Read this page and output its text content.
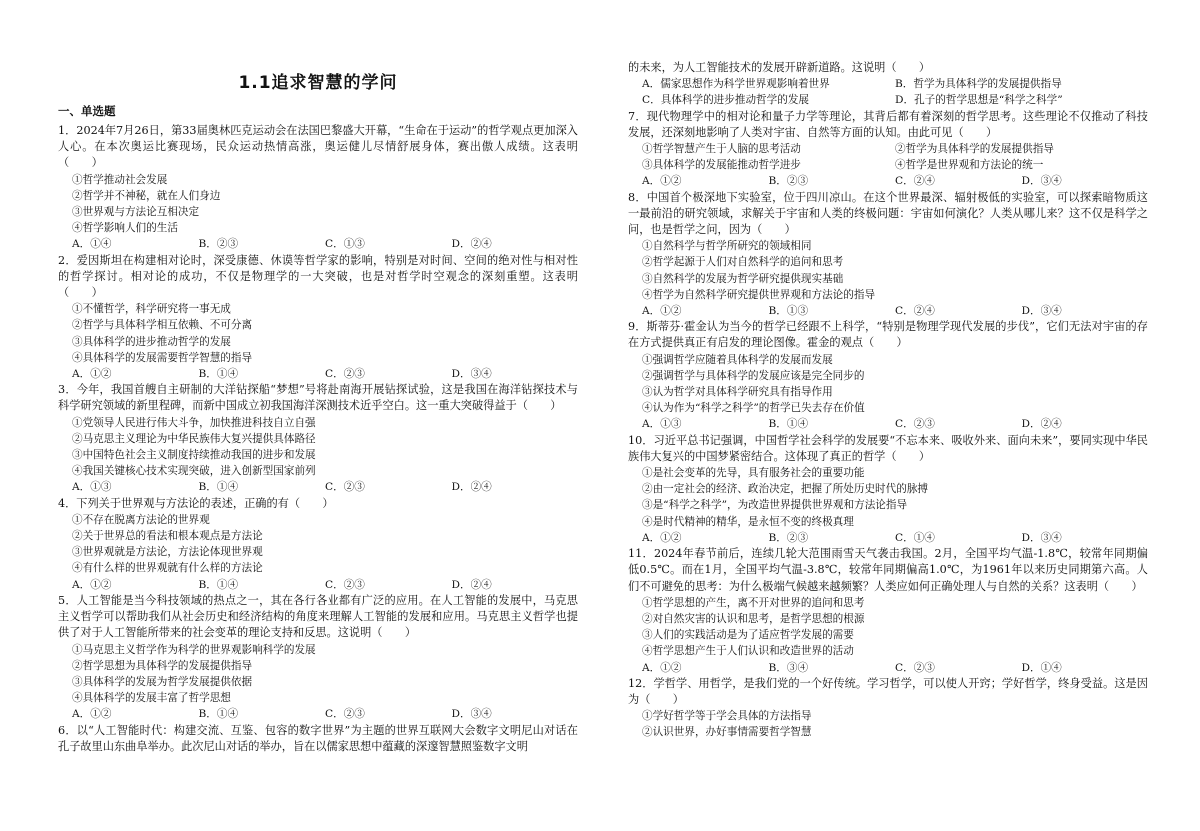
1.1追求智慧的学问
一、单选题
1．2024年7月26日，第33届奥林匹克运动会在法国巴黎盛大开幕，“生命在于运动”的哲学观点更加深入人心。在本次奥运比赛现场，民众运动热情高涨，奥运健儿尽情舒展身体，赛出傲人成绩。这表明（　　）
①哲学推动社会发展
②哲学并不神秘，就在人们身边
③世界观与方法论互相决定
④哲学影响人们的生活
A．①④	B．②③	C．①③	D．②④
2．爱因斯坦在构建相对论时，深受康德、休谟等哲学家的影响，特别是对时间、空间的绝对性与相对性的哲学探讨。相对论的成功，不仅是物理学的一大突破，也是对哲学时空观念的深刻重塑。这表明（　　）
①不懂哲学，科学研究将一事无成
②哲学与具体科学相互依赖、不可分离
③具体科学的进步推动哲学的发展
④具体科学的发展需要哲学智慧的指导
A．①②	B．①④	C．②③	D．③④
3．今年，我国首艘自主研制的大洋钻探船“梦想”号将赴南海开展钻探试验，这是我国在海洋钻探技术与科学研究领域的新里程碑，而新中国成立初我国海洋深测技术近乎空白。这一重大突破得益于（　　）
①党领导人民进行伟大斗争，加快推进科技自立自强
②马克思主义理论为中华民族伟大复兴提供具体路径
③中国特色社会主义制度持续推动我国的进步和发展
④我国关键核心技术实现突破，进入创新型国家前列
A．①③	B．①④	C．②③	D．②④
4．下列关于世界观与方法论的表述，正确的有（　　）
①不存在脱离方法论的世界观
②关于世界总的看法和根本观点是方法论
③世界观就是方法论，方法论体现世界观
④有什么样的世界观就有什么样的方法论
A．①②	B．①④	C．②③	D．②④
5．人工智能是当今科技领域的热点之一，其在各行各业都有广泛的应用。在人工智能的发展中，马克思主义哲学可以帮助我们从社会历史和经济结构的角度来理解人工智能的发展和应用。马克思主义哲学也提供了对于人工智能所带来的社会变革的理论支持和反思。这说明（　　）
①马克思主义哲学作为科学的世界观影响科学的发展
②哲学思想为具体科学的发展提供指导
③具体科学的发展为哲学发展提供依据
④具体科学的发展丰富了哲学思想
A．①②	B．①④	C．②③	D．③④
6．以“人工智能时代：构建交流、互鉴、包容的数字世界”为主题的世界互联网大会数字文明尼山对话在孔子故里山东曲阜举办。此次尼山对话的举办，旨在以儒家思想中蕴藏的深邃智慧照鉴数字文明
的未来，为人工智能技术的发展开辟新道路。这说明（　　）
A．儒家思想作为科学世界观影响着世界	B．哲学为具体科学的发展提供指导
C．具体科学的进步推动哲学的发展	D．孔子的哲学思想是“科学之科学”
7．现代物理学中的相对论和量子力学等理论，其背后都有着深刻的哲学思考。这些理论不仅推动了科技发展，还深刻地影响了人类对宇宙、自然等方面的认知。由此可见（　　）
①哲学智慧产生于人脑的思考活动	②哲学为具体科学的发展提供指导
③具体科学的发展能推动哲学进步	④哲学是世界观和方法论的统一
A．①②	B．②③	C．②④	D．③④
8．中国首个极深地下实验室，位于四川凉山。在这个世界最深、辐射极低的实验室，可以探索暗物质这一最前沿的研究领域，求解关于宇宙和人类的终极问题：宇宙如何演化？人类从哪儿来？这不仅是科学之问，也是哲学之问，因为（　　）
①自然科学与哲学所研究的领域相同
②哲学起源于人们对自然科学的追问和思考
③自然科学的发展为哲学研究提供现实基础
④哲学为自然科学研究提供世界观和方法论的指导
A．①②	B．①③	C．②④	D．③④
9．斯蒂芬·霍金认为当今的哲学已经跟不上科学，“特别是物理学现代发展的步伐”，它们无法对宇宙的存在方式提供真正有启发的理论图像。霍金的观点（　　）
①强调哲学应随着具体科学的发展而发展
②强调哲学与具体科学的发展应该是完全同步的
③认为哲学对具体科学研究具有指导作用
④认为作为“科学之科学”的哲学已失去存在价值
A．①③	B．①④	C．②③	D．②④
10．习近平总书记强调，中国哲学社会科学的发展要“不忘本来、吸收外来、面向未来”，要同实现中华民族伟大复兴的中国梦紧密结合。这体现了真正的哲学（　　）
①是社会变革的先导，具有服务社会的重要功能
②由一定社会的经济、政治决定，把握了所处历史时代的脉搏
③是“科学之科学”，为改造世界提供世界观和方法论指导
④是时代精神的精华，是永恒不变的终极真理
A．①②	B．②③	C．①④	D．③④
11．2024年春节前后，连续几轮大范围雨雪天气袭击我国。2月，全国平均气温-1.8℃，较常年同期偏低0.5℃。而在1月，全国平均气温-3.8℃，较常年同期偏高1.0℃，为1961年以来历史同期第六高。人们不可避免的思考：为什么极端气候越来越频繁？人类应如何正确处理人与自然的关系？这表明（　　）
①哲学思想的产生，离不开对世界的追问和思考
②对自然灾害的认识和思考，是哲学思想的根源
③人们的实践活动是为了适应哲学发展的需要
④哲学思想产生于人们认识和改造世界的活动
A．①②	B．③④	C．②③	D．①④
12．学哲学、用哲学，是我们党的一个好传统。学习哲学，可以使人开窍；学好哲学，终身受益。这是因为（　　）
①学好哲学等于学会具体的方法指导
②认识世界，办好事情需要哲学智慧
